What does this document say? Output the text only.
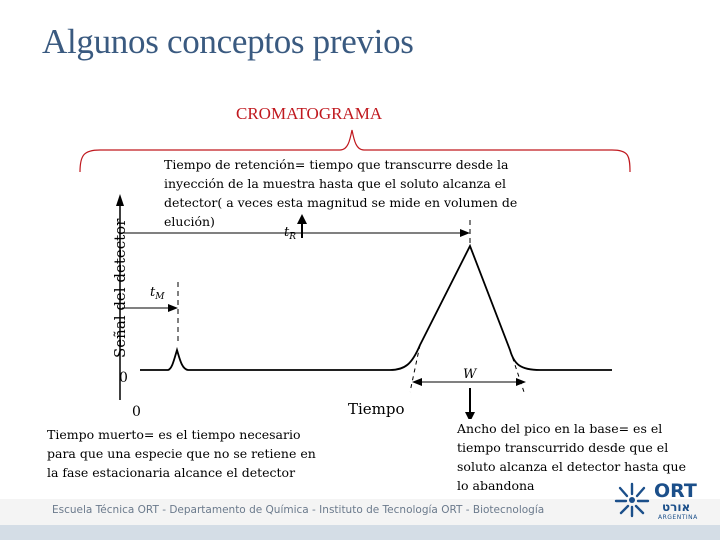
Algunos conceptos previos
CROMATOGRAMA
Señal del detector
0
0	Tiempo
$t_R$
$t_M$
W
Tiempo de retención= tiempo que transcurre desde la inyección de la muestra hasta que el soluto alcanza el detector( a veces esta magnitud se mide en volumen de elución)
Tiempo muerto= es el tiempo necesario para que una especie que no se retiene en la fase estacionaria alcance el detector
Ancho del pico en la base= es el tiempo transcurrido desde que el soluto alcanza el detector hasta que lo abandona
Escuela Técnica ORT - Departamento de Química - Instituto de Tecnología ORT - Biotecnología
ORT
אורט
ARGENTINA
